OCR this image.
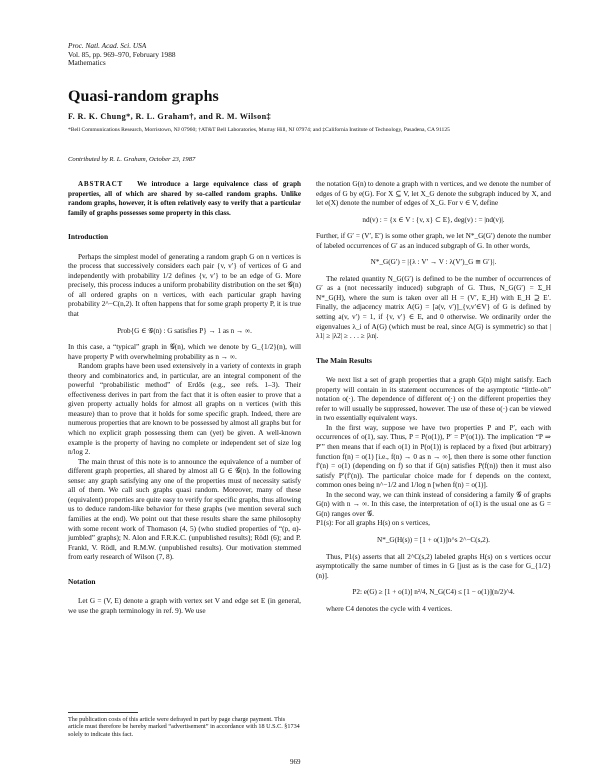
Proc. Natl. Acad. Sci. USA
Vol. 85, pp. 969–970, February 1988
Mathematics
Quasi-random graphs
F. R. K. Chung*, R. L. Graham†, and R. M. Wilson‡
*Bell Communications Research, Morristown, NJ 07960; †AT&T Bell Laboratories, Murray Hill, NJ 07974; and ‡California Institute of Technology, Pasadena, CA 91125
Contributed by R. L. Graham, October 23, 1987

ABSTRACT We introduce a large equivalence class of graph properties, all of which are shared by so-called random graphs. Unlike random graphs, however, it is often relatively easy to verify that a particular family of graphs possesses some property in this class.

Introduction

Perhaps the simplest model of generating a random graph G on n vertices is the process that successively considers each pair {v, v′} of vertices of G and independently with probability 1/2 defines {v, v′} to be an edge of G. More precisely, this process induces a uniform probability distribution on the set 𝒢(n) of all ordered graphs on n vertices, with each particular graph having probability 2^−C(n,2). It often happens that for some graph property P, it is true that

Prob{G ∈ 𝒢(n) : G satisfies P} → 1 as n → ∞.

In this case, a “typical” graph in 𝒢(n), which we denote by G_{1/2}(n), will have property P with overwhelming probability as n → ∞.

Random graphs have been used extensively in a variety of contexts in graph theory and combinatorics and, in particular, are an integral component of the powerful “probabilistic method” of Erdős (e.g., see refs. 1–3). Their effectiveness derives in part from the fact that it is often easier to prove that a given property actually holds for almost all graphs on n vertices (with this measure) than to prove that it holds for some specific graph. Indeed, there are numerous properties that are known to be possessed by almost all graphs but for which no explicit graph possessing them can (yet) be given. A well-known example is the property of having no complete or independent set of size log n/log 2.

The main thrust of this note is to announce the equivalence of a number of different graph properties, all shared by almost all G ∈ 𝒢(n). In the following sense: any graph satisfying any one of the properties must of necessity satisfy all of them. We call such graphs quasi random. Moreover, many of these (equivalent) properties are quite easy to verify for specific graphs, thus allowing us to deduce random-like behavior for these graphs (we mention several such families at the end). We point out that these results share the same philosophy with some recent work of Thomason (4, 5) (who studied properties of “(p, α)-jumbled” graphs); N. Alon and F.R.K.C. (unpublished results); Rödl (6); and P. Frankl, V. Rödl, and R.M.W. (unpublished results). Our motivation stemmed from early research of Wilson (7, 8).

Notation

Let G = (V, E) denote a graph with vertex set V and edge set E (in general, we use the graph terminology in ref. 9). We use

The publication costs of this article were defrayed in part by page charge payment. This article must therefore be hereby marked “advertisement” in accordance with 18 U.S.C. §1734 solely to indicate this fact.

the notation G(n) to denote a graph with n vertices, and we denote the number of edges of G by e(G). For X ⊆ V, let X_G denote the subgraph induced by X, and let e(X) denote the number of edges of X_G. For v ∈ V, define

nd(v) : = {x ∈ V : {v, x} ⊂ E}, deg(v) : = |nd(v)|.

Further, if G′ = (V′, E′) is some other graph, we let N*_G(G′) denote the number of labeled occurrences of G′ as an induced subgraph of G. In other words,

N*_G(G′) = |{λ : V′ → V : λ(V′)_G ≅ G′}|.

The related quantity N_G(G′) is defined to be the number of occurrences of G′ as a (not necessarily induced) subgraph of G. Thus, N_G(G′) = Σ_H N*_G(H), where the sum is taken over all H = (V′, E_H) with E_H ⊇ E′. Finally, the adjacency matrix A(G) = [a(v, v′)]_{v,v′∈V} of G is defined by setting a(v, v′) = 1, if {v, v′} ∈ E, and 0 otherwise. We ordinarily order the eigenvalues λ_i of A(G) (which must be real, since A(G) is symmetric) so that |λ1| ≥ |λ2| ≥ . . . ≥ |λn|.

The Main Results

We next list a set of graph properties that a graph G(n) might satisfy. Each property will contain in its statement occurrences of the asymptotic “little-oh” notation o(·). The dependence of different o(·) on the different properties they refer to will usually be suppressed, however. The use of these o(·) can be viewed in two essentially equivalent ways.

In the first way, suppose we have two properties P and P′, each with occurrences of o(1), say. Thus, P = P(o(1)), P′ = P′(o(1)). The implication “P ⇒ P′” then means that if each o(1) in P(o(1)) is replaced by a fixed (but arbitrary) function f(n) = o(1) [i.e., f(n) → 0 as n → ∞], then there is some other function f′(n) = o(1) (depending on f) so that if G(n) satisfies P(f(n)) then it must also satisfy P′(f′(n)). The particular choice made for f depends on the context, common ones being n^−1/2 and 1/log n [when f(n) = o(1)].

In the second way, we can think instead of considering a family 𝒢 of graphs G(n) with n → ∞. In this case, the interpretation of o(1) is the usual one as G = G(n) ranges over 𝒢.

P1(s): For all graphs H(s) on s vertices,

N*_G(H(s)) = [1 + o(1)]n^s 2^−C(s,2).

Thus, P1(s) asserts that all 2^C(s,2) labeled graphs H(s) on s vertices occur asymptotically the same number of times in G [just as is the case for G_{1/2}(n)].

P2: e(G) ≥ [1 + o(1)] n²/4, N_G(C4) ≤ [1 − o(1)](n/2)^4.

where C4 denotes the cycle with 4 vertices.

969
